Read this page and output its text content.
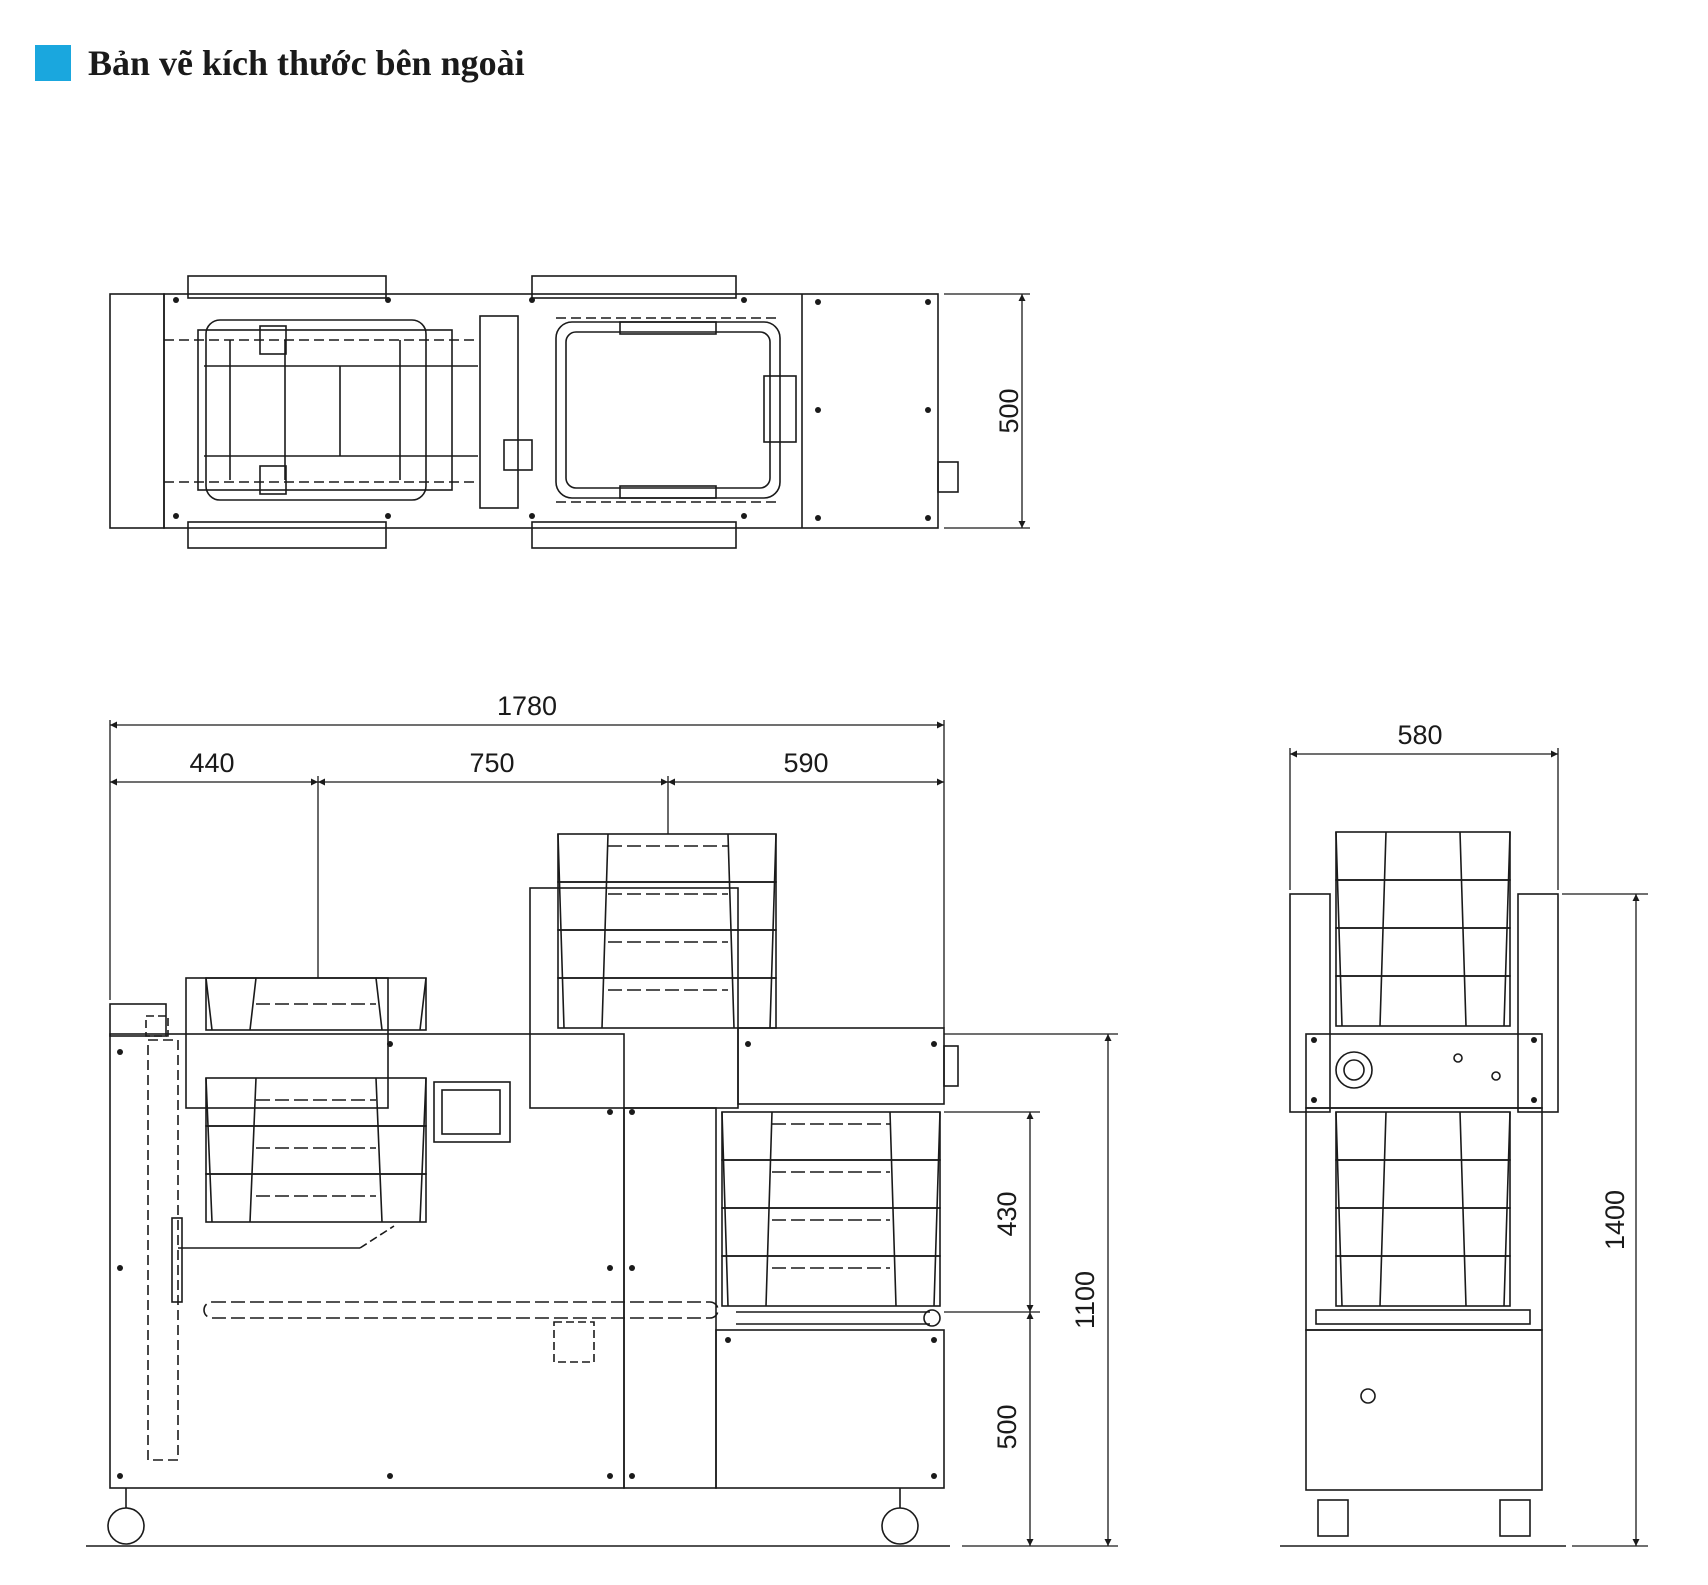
Bản vẽ kích thước bên ngoài
500
1780
440	750	590
430
500
1100
580
1400
